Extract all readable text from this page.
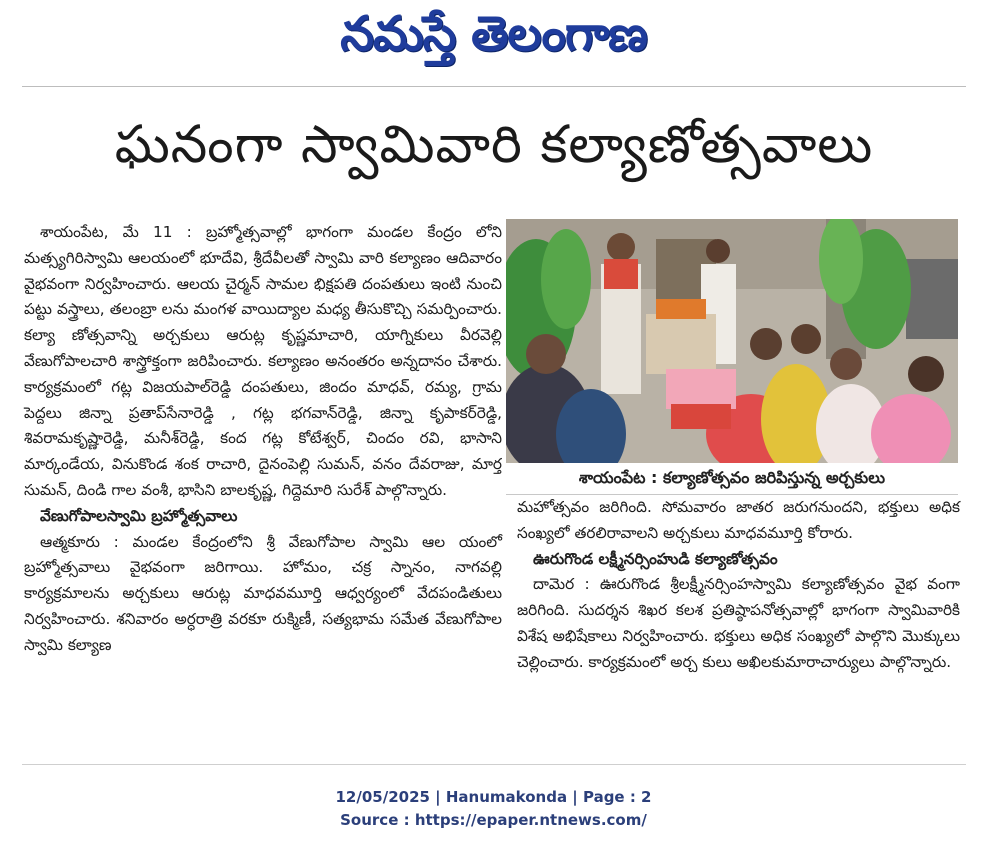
నమస్తే తెలంగాణ
ఘనంగా స్వామివారి కల్యాణోత్సవాలు

శాయంపేట, మే 11 : బ్రహ్మోత్సవాల్లో భాగంగా మండల కేంద్రం లోని మత్స్యగిరిస్వామి ఆలయంలో భూదేవి, శ్రీదేవీలతో స్వామి వారి కల్యాణం ఆదివారం వైభవంగా నిర్వహించారు. ఆలయ చైర్మన్ సామల భిక్షపతి దంపతులు ఇంటి నుంచి పట్టు వస్త్రాలు, తలంబ్రా లను మంగళ వాయిద్యాల మధ్య తీసుకొచ్చి సమర్పించారు. కల్యా ణోత్సవాన్ని అర్చకులు ఆరుట్ల కృష్ణమాచారి, యాగ్నికులు వీరవెల్లి వేణుగోపాలచారి శాస్త్రోక్తంగా జరిపించారు. కల్యాణం అనంతరం అన్నదానం చేశారు. కార్యక్రమంలో గట్ల విజయపాల్‌రెడ్డి దంపతులు, జిందం మాధవ్, రమ్య, గ్రామ పెద్దలు జిన్నా ప్రతాప్‌సేనారెడ్డి , గట్ల భగవాన్‌రెడ్డి, జిన్నా కృపాకర్‌రెడ్డి, శివరామకృష్ణారెడ్డి, మనీశ్‌రెడ్డి, కంద గట్ల కోటేశ్వర్, చిందం రవి, భాసాని మార్కండేయ, వినుకొండ శంక రాచారి, దైనంపెల్లి సుమన్, వనం దేవరాజు, మార్త సుమన్, దిండి గాల వంశీ, భాసిని బాలకృష్ణ, గిద్దెమారి సురేశ్ పాల్గొన్నారు.

వేణుగోపాలస్వామి బ్రహ్మోత్సవాలు

ఆత్మకూరు : మండల కేంద్రంలోని శ్రీ వేణుగోపాల స్వామి ఆల యంలో బ్రహ్మోత్సవాలు వైభవంగా జరిగాయి. హోమం, చక్ర స్నానం, నాగవల్లి కార్యక్రమాలను అర్చకులు ఆరుట్ల మాధవమూర్తి ఆధ్వర్యంలో వేదపండితులు నిర్వహించారు. శనివారం అర్ధరాత్రి వరకూ రుక్మిణీ, సత్యభామ సమేత వేణుగోపాల స్వామి కల్యాణ

శాయంపేట : కల్యాణోత్సవం జరిపిస్తున్న అర్చకులు

మహోత్సవం జరిగింది. సోమవారం జాతర జరుగనుందని, భక్తులు అధిక సంఖ్యలో తరలిరావాలని అర్చకులు మాధవమూర్తి కోరారు.

ఊరుగొండ లక్ష్మీనర్సింహుడి కల్యాణోత్సవం

దామెర : ఊరుగొండ శ్రీలక్ష్మీనర్సింహస్వామి కల్యాణోత్సవం వైభ వంగా జరిగింది. సుదర్శన శిఖర కలశ ప్రతిష్ఠాపనోత్సవాల్లో భాగంగా స్వామివారికి విశేష అభిషేకాలు నిర్వహించారు. భక్తులు అధిక సంఖ్యలో పాల్గొని మొక్కులు చెల్లించారు. కార్యక్రమంలో అర్చ కులు అఖిలకుమారాచార్యులు పాల్గొన్నారు.

12/05/2025 | Hanumakonda | Page : 2
Source : https://epaper.ntnews.com/
